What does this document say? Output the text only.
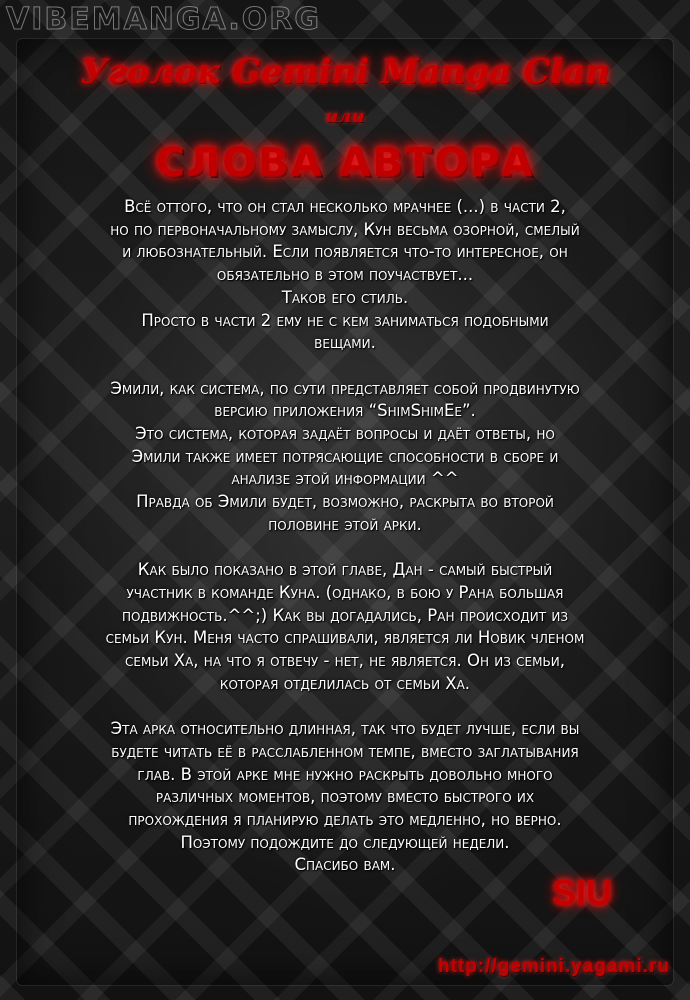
VIBEMANGA.ORG
Уголок Gemini Manga Clan
или
СЛОВА АВТОРА
Всё оттого, что он стал несколько мрачнее (...) в части 2,
но по первоначальному замыслу, Кун весьма озорной, смелый
и любознательный. Если появляется что-то интересное, он
обязательно в этом поучаствует...
Таков его стиль.
Просто в части 2 ему не с кем заниматься подобными
вещами.
Эмили, как система, по сути представляет собой продвинутую
версию приложения “ShimShimEe”.
Это система, которая задаёт вопросы и даёт ответы, но
Эмили также имеет потрясающие способности в сборе и
анализе этой информации ^^
Правда об Эмили будет, возможно, раскрыта во второй
половине этой арки.
Как было показано в этой главе, Дан - самый быстрый
участник в команде Куна. (однако, в бою у Рана большая
подвижность.^^;) Как вы догадались, Ран происходит из
семьи Кун. Меня часто спрашивали, является ли Новик членом
семьи Ха, на что я отвечу - нет, не является. Он из семьи,
которая отделилась от семьи Ха.
Эта арка относительно длинная, так что будет лучше, если вы
будете читать её в расслабленном темпе, вместо заглатывания
глав. В этой арке мне нужно раскрыть довольно много
различных моментов, поэтому вместо быстрого их
прохождения я планирую делать это медленно, но верно.
Поэтому подождите до следующей недели.
Спасибо вам.
SIU
http://gemini.yagami.ru
